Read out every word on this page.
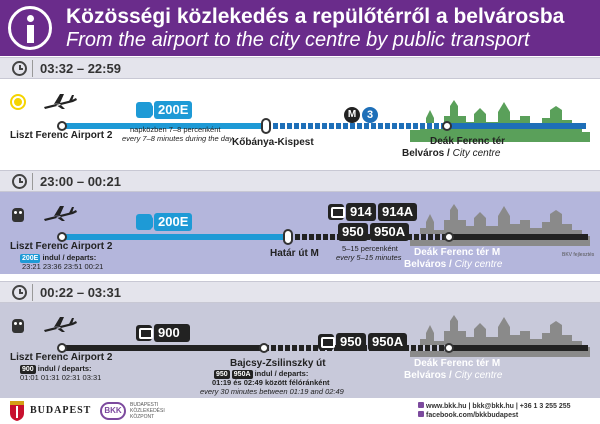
Közösségi közlekedés a repülőtérről a belvárosba
From the airport to the city centre by public transport
03:32 – 22:59
200E	M 3
Liszt Ferenc Airport 2
napközben 7–8 percenként
every 7–8 minutes during the day Kőbánya-Kispest	Deák Ferenc tér
Belváros / City centre
23:00 – 00:21
200E
914 914A
950 950A
Liszt Ferenc Airport 2
200E indul / departs:
23:21 23:36 23:51 00:21
Határ út M	5–15 percenként
every 5–15 minutes Deák Ferenc tér M
Belváros / City centre
BKV fejlesztés
00:22 – 03:31
900
950 950A
Liszt Ferenc Airport 2
900 indul / departs:
01:01 01:31 02:31 03:31
Bajcsy-Zsilinszky út
950 950A indul / departs:
01:19 és 02:49 között félóránként
every 30 minutes between 01:19 and 02:49
Deák Ferenc tér M
Belváros / City centre
BUDAPEST	BKK
BUDAPESTI KÖZLEKEDÉSI KÖZPONT
www.bkk.hu | bkk@bkk.hu | +36 1 3 255 255
facebook.com/bkkbudapest
